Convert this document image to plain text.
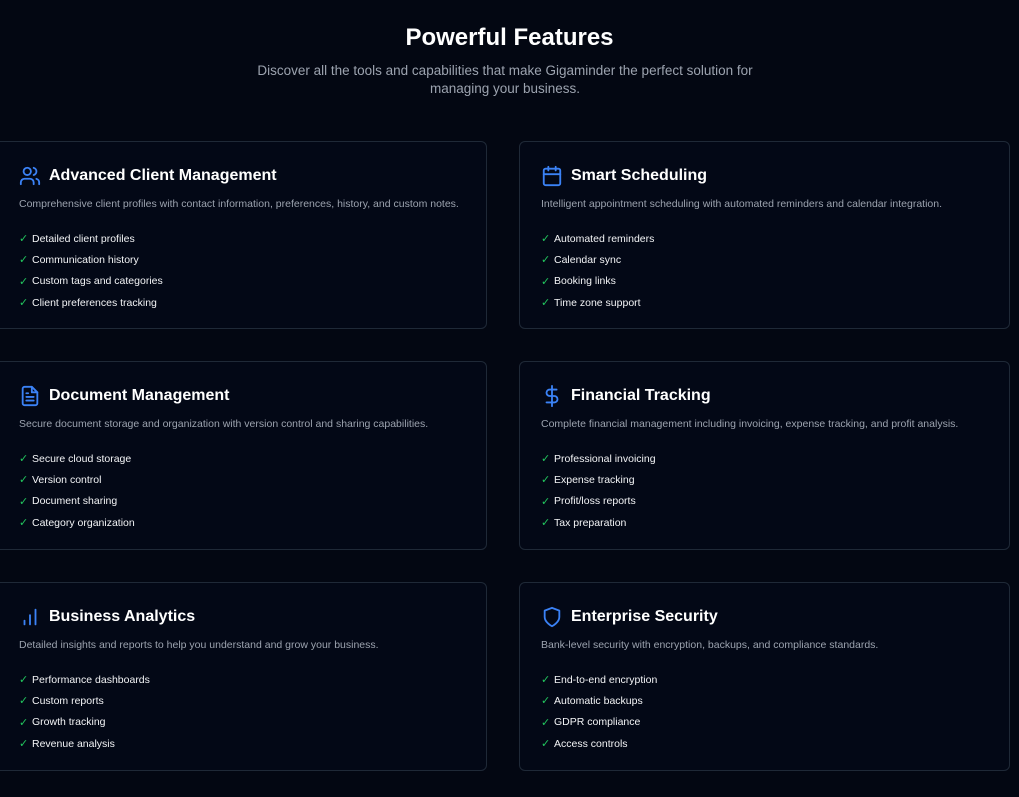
Powerful Features

Discover all the tools and capabilities that make Gigaminder the perfect solution for managing your business.

Advanced Client Management
Comprehensive client profiles with contact information, preferences, history, and custom notes.
✓ Detailed client profiles
✓ Communication history
✓ Custom tags and categories
✓ Client preferences tracking
Smart Scheduling
Intelligent appointment scheduling with automated reminders and calendar integration.
✓ Automated reminders
✓ Calendar sync
✓ Booking links
✓ Time zone support
Document Management
Secure document storage and organization with version control and sharing capabilities.
✓ Secure cloud storage
✓ Version control
✓ Document sharing
✓ Category organization
Financial Tracking
Complete financial management including invoicing, expense tracking, and profit analysis.
✓ Professional invoicing
✓ Expense tracking
✓ Profit/loss reports
✓ Tax preparation
Business Analytics
Detailed insights and reports to help you understand and grow your business.
✓ Performance dashboards
✓ Custom reports
✓ Growth tracking
✓ Revenue analysis
Enterprise Security
Bank-level security with encryption, backups, and compliance standards.
✓ End-to-end encryption
✓ Automatic backups
✓ GDPR compliance
✓ Access controls
